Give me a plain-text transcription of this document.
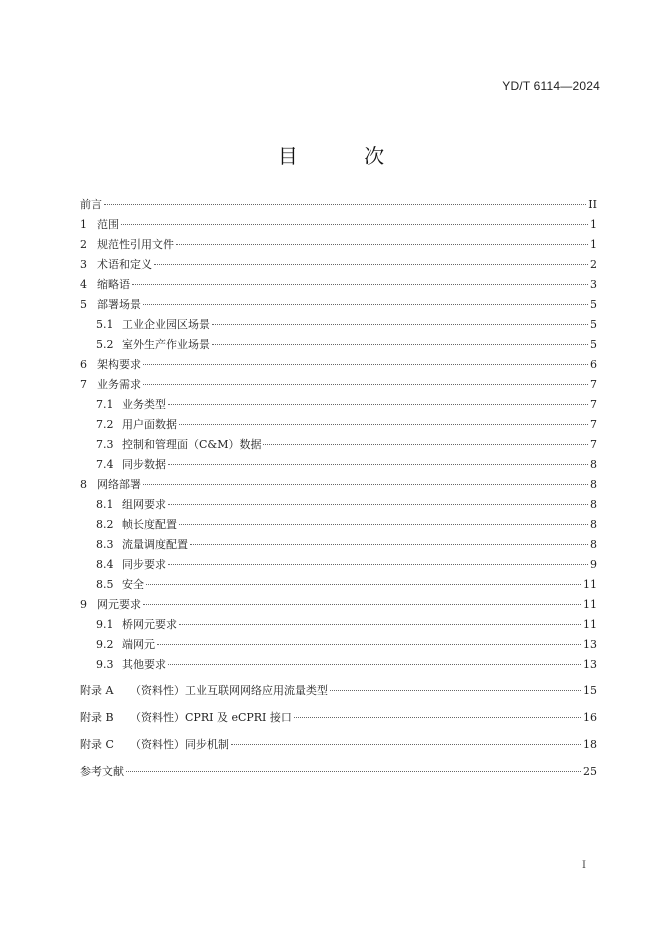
YD/T 6114—2024
目 次
前言	II
1 范围	1
2 规范性引用文件	1
3 术语和定义	2
4 缩略语	3
5 部署场景	5
5.1 工业企业园区场景	5
5.2 室外生产作业场景	5
6 架构要求	6
7 业务需求	7
7.1 业务类型	7
7.2 用户面数据	7
7.3 控制和管理面（C&M）数据	7
7.4 同步数据	8
8 网络部署	8
8.1 组网要求	8
8.2 帧长度配置	8
8.3 流量调度配置	8
8.4 同步要求	9
8.5 安全	11
9 网元要求	11
9.1 桥网元要求	11
9.2 端网元	13
9.3 其他要求	13
附录 A	（资料性）工业互联网网络应用流量类型	15
附录 B	（资料性）CPRI 及 eCPRI 接口	16
附录 C	（资料性）同步机制	18
参考文献	25
I
